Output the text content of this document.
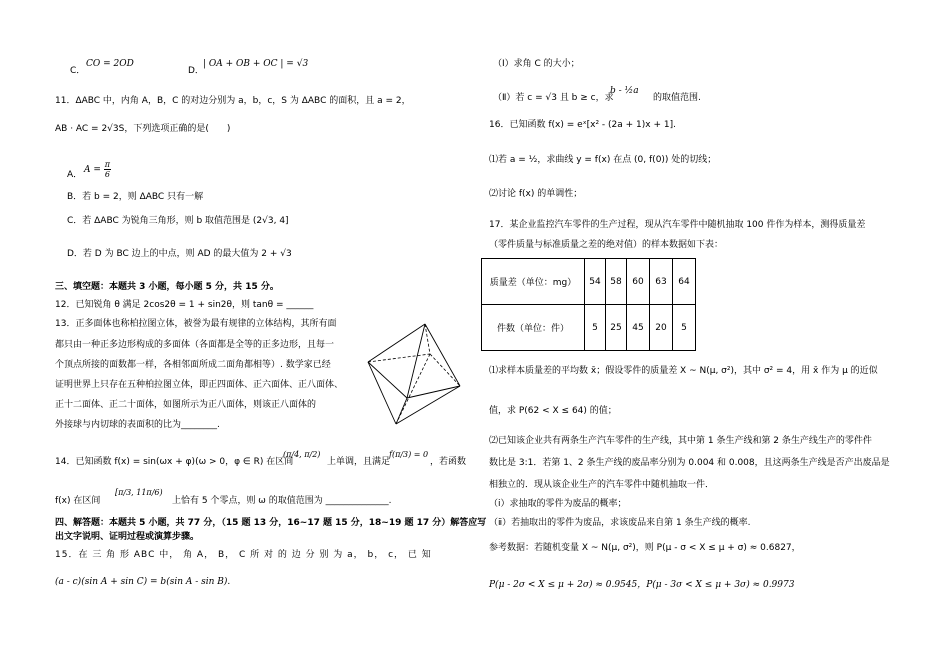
C．
CO = 2OD
D．
| OA + OB + OC | = √3
11．ΔABC 中，内角 A，B，C 的对边分别为 a，b，c，S 为 ΔABC 的面积，且 a = 2，
AB · AC = 2√3S，下列选项正确的是(　　)
A． $A = \frac{\pi}{6}$
B．若 b = 2，则 ΔABC 只有一解
C．若 ΔABC 为锐角三角形，则 b 取值范围是 (2√3, 4]
D．若 D 为 BC 边上的中点，则 AD 的最大值为 2 + √3
三、填空题：本题共 3 小题，每小题 5 分，共 15 分。
12．已知锐角 θ 满足 2cos2θ = 1 + sin2θ，则 tanθ = ______
13．正多面体也称柏拉图立体，被誉为最有规律的立体结构，其所有面
都只由一种正多边形构成的多面体（各面都是全等的正多边形，且每一
个顶点所接的面数都一样，各相邻面所成二面角都相等）. 数学家已经
证明世界上只存在五种柏拉图立体，即正四面体、正六面体、正八面体、
正十二面体、正二十面体，如图所示为正八面体，则该正八面体的
外接球与内切球的表面积的比为________.
14．已知函数 f(x) = sin(ωx + φ)(ω > 0，φ ∈ R) 在区间
(π/4, π/2)
上单调，且满足
f(π/3) = 0
，若函数
f(x) 在区间
[π/3, 11π/6)
上恰有 5 个零点，则 ω 的取值范围为 ______________.
四、解答题：本题共 5 小题，共 77 分，（15 题 13 分，16~17 题 15 分，18~19 题 17 分）解答应写
出文字说明、证明过程或演算步骤。
15．在 三 角 形 ABC 中， 角 A， B， C 所 对 的 边 分 别 为 a， b， c， 已 知
(a - c)(sin A + sin C) = b(sin A - sin B).
（Ⅰ）求角 C 的大小；
（Ⅱ）若 c = √3 且 b ≥ c，求
b - ½a
的取值范围.
16．已知函数 f(x) = eˣ[x² - (2a + 1)x + 1].
⑴若 a = ½，求曲线 y = f(x) 在点 (0, f(0)) 处的切线；
⑵讨论 f(x) 的单调性；
17．某企业监控汽车零件的生产过程，现从汽车零件中随机抽取 100 件作为样本，测得质量差
（零件质量与标准质量之差的绝对值）的样本数据如下表：
质量差（单位：mg）	54	58	60	63	64
件数（单位：件）	5	25	45	20	5
⑴求样本质量差的平均数 x̄；假设零件的质量差 X ~ N(μ, σ²)，其中 σ² = 4，用 x̄ 作为 μ 的近似
值，求 P(62 < X ≤ 64) 的值；
⑵已知该企业共有两条生产汽车零件的生产线，其中第 1 条生产线和第 2 条生产线生产的零件件
数比是 3:1．若第 1、2 条生产线的废品率分别为 0.004 和 0.008，且这两条生产线是否产出废品是
相独立的．现从该企业生产的汽车零件中随机抽取一件．
（ⅰ）求抽取的零件为废品的概率；
（ⅱ）若抽取出的零件为废品，求该废品来自第 1 条生产线的概率.
参考数据：若随机变量 X ~ N(μ, σ²)，则 P(μ - σ < X ≤ μ + σ) ≈ 0.6827，
P(μ - 2σ < X ≤ μ + 2σ) ≈ 0.9545，P(μ - 3σ < X ≤ μ + 3σ) ≈ 0.9973
